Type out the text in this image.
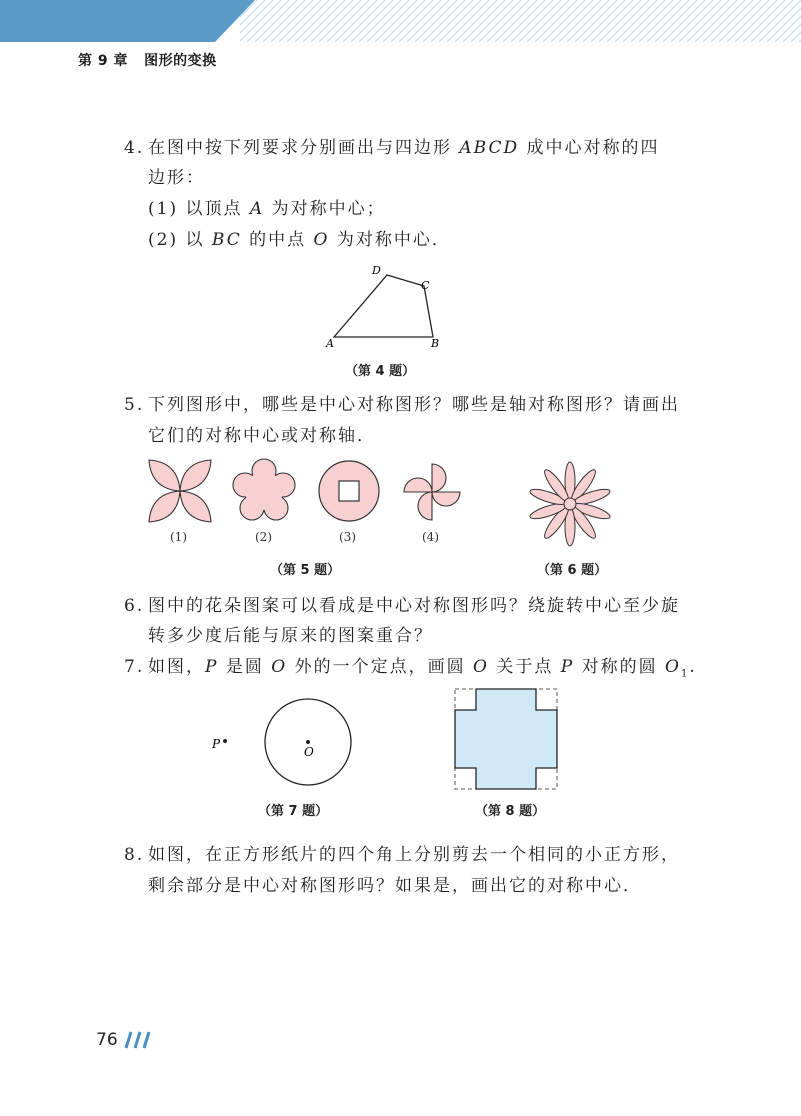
第 9 章 图形的变换
4. 在图中按下列要求分别画出与四边形 ABCD 成中心对称的四
边形：
(1) 以顶点 A 为对称中心；
(2) 以 BC 的中点 O 为对称中心．
A	B
C
D
（第 4 题）
5. 下列图形中，哪些是中心对称图形？哪些是轴对称图形？请画出
它们的对称中心或对称轴．
(1)	(2)	(3)	(4)
（第 5 题）	（第 6 题）
6. 图中的花朵图案可以看成是中心对称图形吗？绕旋转中心至少旋
转多少度后能与原来的图案重合？
7. 如图，P 是圆 O 外的一个定点，画圆 O 关于点 P 对称的圆 $O_1$.
P
O
（第 7 题）	（第 8 题）
8. 如图，在正方形纸片的四个角上分别剪去一个相同的小正方形，
剩余部分是中心对称图形吗？如果是，画出它的对称中心．
76
